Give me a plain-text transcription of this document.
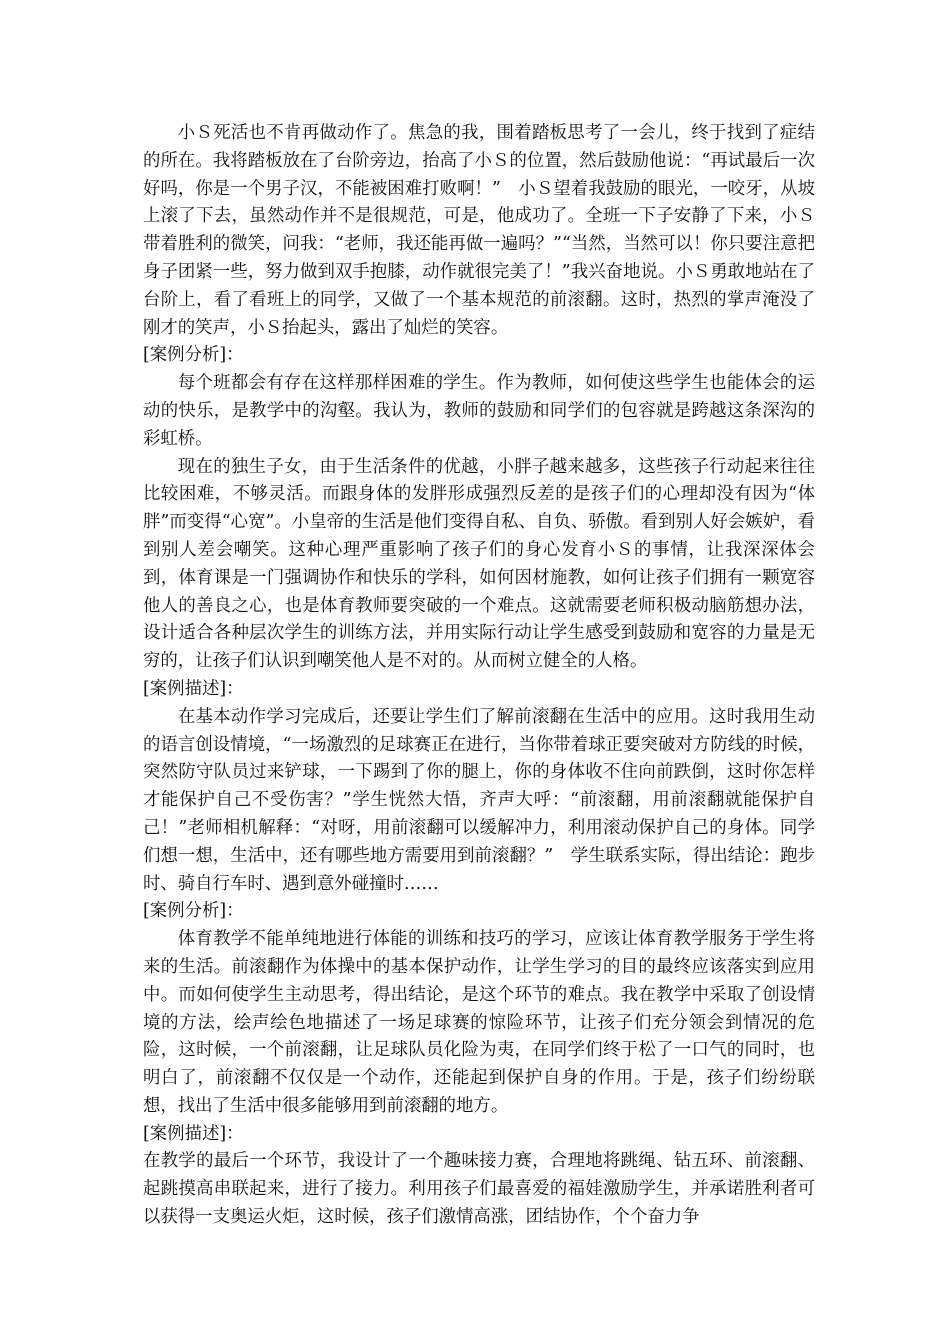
小Ｓ死活也不肯再做动作了。焦急的我，围着踏板思考了一会儿，终于找到了症结的所在。我将踏板放在了台阶旁边，抬高了小Ｓ的位置，然后鼓励他说：“再试最后一次好吗，你是一个男子汉，不能被困难打败啊！”　小Ｓ望着我鼓励的眼光，一咬牙，从坡上滚了下去，虽然动作并不是很规范，可是，他成功了。全班一下子安静了下来，小Ｓ带着胜利的微笑，问我：“老师，我还能再做一遍吗？”“当然，当然可以！你只要注意把身子团紧一些，努力做到双手抱膝，动作就很完美了！”我兴奋地说。小Ｓ勇敢地站在了台阶上，看了看班上的同学，又做了一个基本规范的前滚翻。这时，热烈的掌声淹没了刚才的笑声，小Ｓ抬起头，露出了灿烂的笑容。

[案例分析]：

每个班都会有存在这样那样困难的学生。作为教师，如何使这些学生也能体会的运动的快乐，是教学中的沟壑。我认为，教师的鼓励和同学们的包容就是跨越这条深沟的彩虹桥。

现在的独生子女，由于生活条件的优越，小胖子越来越多，这些孩子行动起来往往比较困难，不够灵活。而跟身体的发胖形成强烈反差的是孩子们的心理却没有因为“体胖”而变得“心宽”。小皇帝的生活是他们变得自私、自负、骄傲。看到别人好会嫉妒，看到别人差会嘲笑。这种心理严重影响了孩子们的身心发育小Ｓ的事情，让我深深体会到，体育课是一门强调协作和快乐的学科，如何因材施教，如何让孩子们拥有一颗宽容他人的善良之心，也是体育教师要突破的一个难点。这就需要老师积极动脑筋想办法，设计适合各种层次学生的训练方法，并用实际行动让学生感受到鼓励和宽容的力量是无穷的，让孩子们认识到嘲笑他人是不对的。从而树立健全的人格。

[案例描述]：

在基本动作学习完成后，还要让学生们了解前滚翻在生活中的应用。这时我用生动的语言创设情境，“一场激烈的足球赛正在进行，当你带着球正要突破对方防线的时候，突然防守队员过来铲球，一下踢到了你的腿上，你的身体收不住向前跌倒，这时你怎样才能保护自己不受伤害？”学生恍然大悟，齐声大呼：“前滚翻，用前滚翻就能保护自己！”老师相机解释：“对呀，用前滚翻可以缓解冲力，利用滚动保护自己的身体。同学们想一想，生活中，还有哪些地方需要用到前滚翻？”　学生联系实际，得出结论：跑步时、骑自行车时、遇到意外碰撞时……

[案例分析]：

体育教学不能单纯地进行体能的训练和技巧的学习，应该让体育教学服务于学生将来的生活。前滚翻作为体操中的基本保护动作，让学生学习的目的最终应该落实到应用中。而如何使学生主动思考，得出结论，是这个环节的难点。我在教学中采取了创设情境的方法，绘声绘色地描述了一场足球赛的惊险环节，让孩子们充分领会到情况的危险，这时候，一个前滚翻，让足球队员化险为夷，在同学们终于松了一口气的同时，也明白了，前滚翻不仅仅是一个动作，还能起到保护自身的作用。于是，孩子们纷纷联想，找出了生活中很多能够用到前滚翻的地方。

[案例描述]：

在教学的最后一个环节，我设计了一个趣味接力赛，合理地将跳绳、钻五环、前滚翻、起跳摸高串联起来，进行了接力。利用孩子们最喜爱的福娃激励学生，并承诺胜利者可以获得一支奥运火炬，这时候，孩子们激情高涨，团结协作，个个奋力争
